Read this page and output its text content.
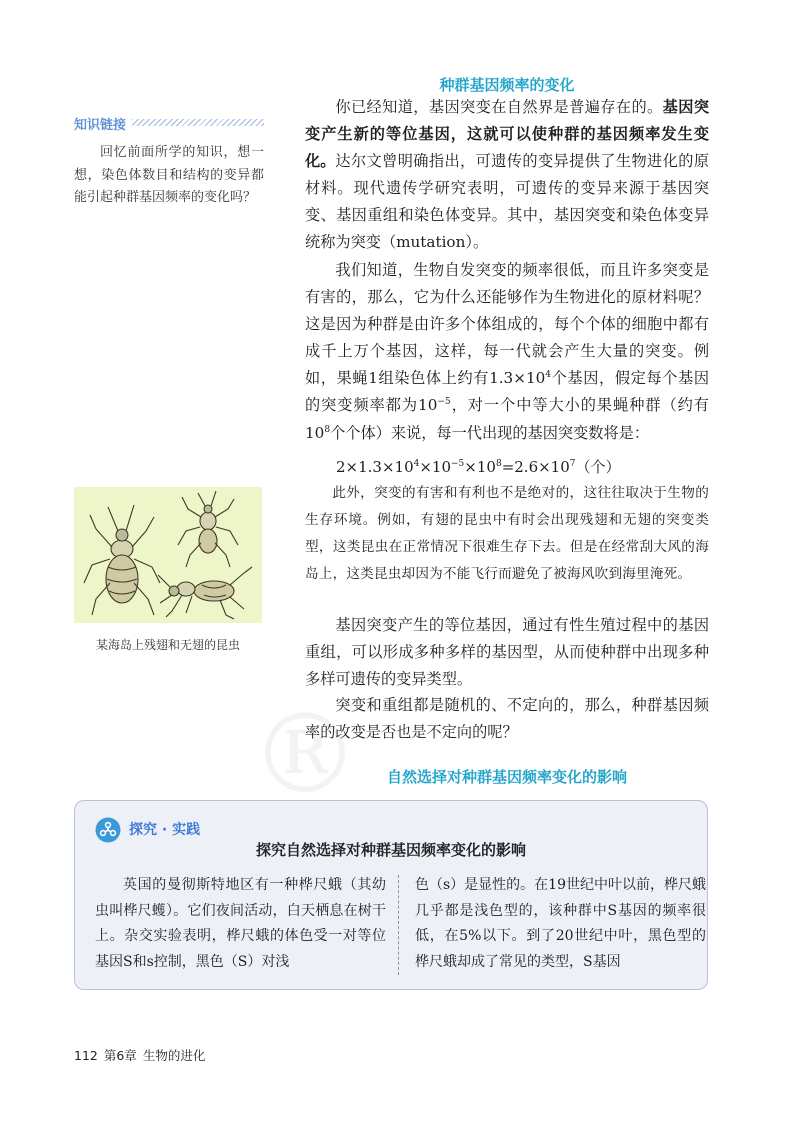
种群基因频率的变化

你已经知道，基因突变在自然界是普遍存在的。基因突变产生新的等位基因，这就可以使种群的基因频率发生变化。 达尔文曾明确指出，可遗传的变异提供了生物进化的原材料。现代遗传学研究表明，可遗传的变异来源于基因突变、基因重组和染色体变异。其中，基因突变和染色体变异统称为突变（mutation）。

我们知道，生物自发突变的频率很低，而且许多突变是有害的，那么，它为什么还能够作为生物进化的原材料呢？这是因为种群是由许多个体组成的，每个个体的细胞中都有成千上万个基因，这样，每一代就会产生大量的突变。例如，果蝇1组染色体上约有$1.3\times 10^4$个基因，假定每个基因的突变频率都为$10^{-5}$，对一个中等大小的果蝇种群（约有$10^8$个个体）来说，每一代出现的基因突变数将是：

$2\times 1.3\times 10^4\times 10^{-5}\times 10^8=2.6\times 10^7$（个）

此外，突变的有害和有利也不是绝对的，这往往取决于生物的生存环境。例如，有翅的昆虫中有时会出现残翅和无翅的突变类型，这类昆虫在正常情况下很难生存下去。但是在经常刮大风的海岛上，这类昆虫却因为不能飞行而避免了被海风吹到海里淹死。

基因突变产生的等位基因，通过有性生殖过程中的基因重组，可以形成多种多样的基因型，从而使种群中出现多种多样可遗传的变异类型。

突变和重组都是随机的、不定向的，那么，种群基因频率的改变是否也是不定向的呢？

自然选择对种群基因频率变化的影响
知识链接

回忆前面所学的知识，想一想，染色体数目和结构的变异都能引起种群基因频率的变化吗？

某海岛上残翅和无翅的昆虫
®
探究 · 实践
探究自然选择对种群基因频率变化的影响

英国的曼彻斯特地区有一种桦尺蛾（其幼虫叫桦尺蠖）。它们夜间活动，白天栖息在树干上。杂交实验表明，桦尺蛾的体色受一对等位基因S和s控制，黑色（S）对浅

色（s）是显性的。在19世纪中叶以前，桦尺蛾几乎都是浅色型的，该种群中S基因的频率很低，在5%以下。到了20世纪中叶，黑色型的桦尺蛾却成了常见的类型，S基因

112 第6章 生物的进化
